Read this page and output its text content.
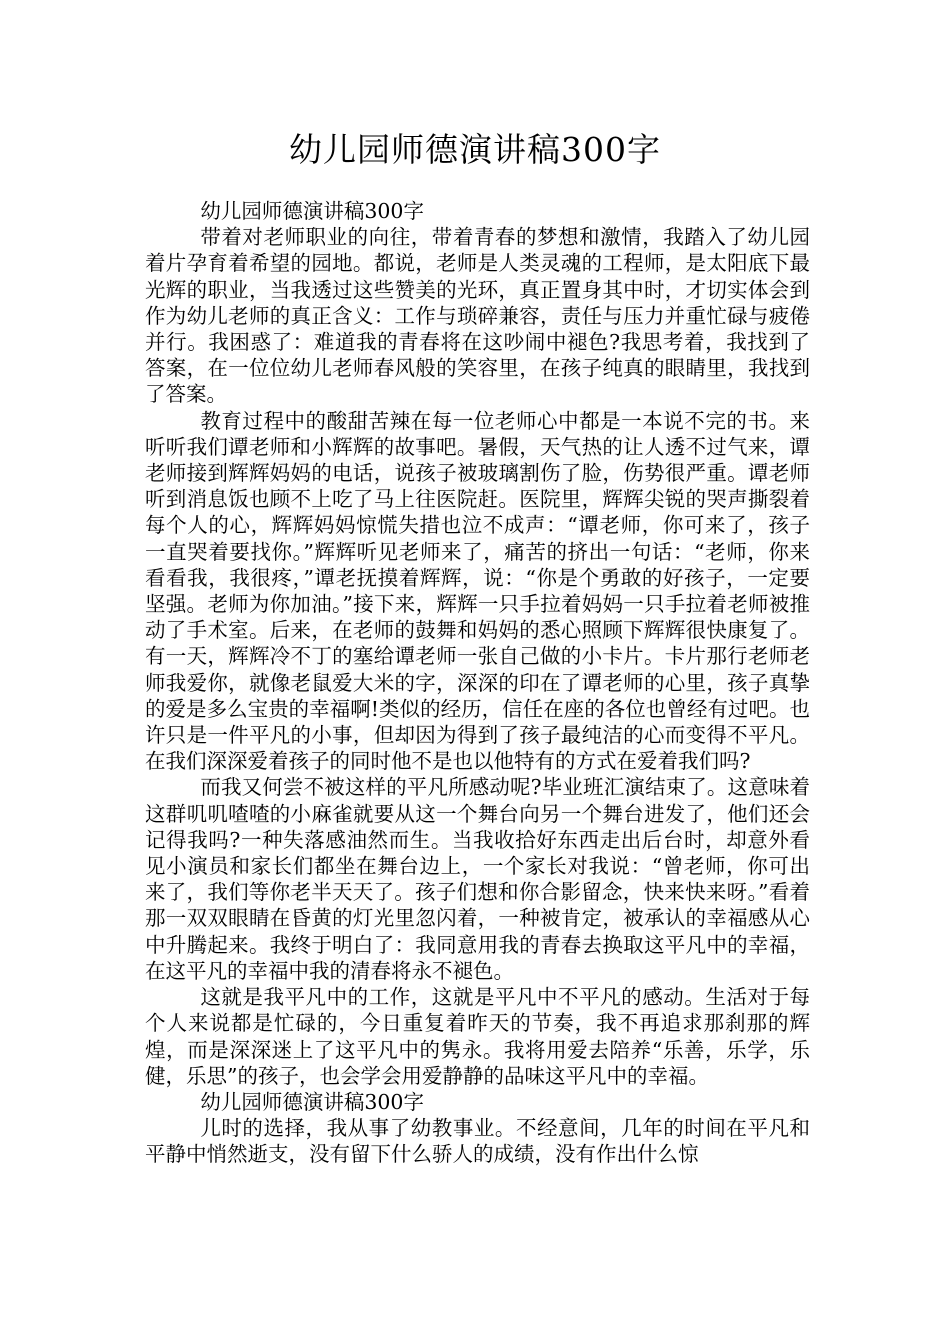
幼儿园师德演讲稿300字

幼儿园师德演讲稿300字

带着对老师职业的向往，带着青春的梦想和激情，我踏入了幼儿园着片孕育着希望的园地。都说，老师是人类灵魂的工程师，是太阳底下最光辉的职业，当我透过这些赞美的光环，真正置身其中时，才切实体会到作为幼儿老师的真正含义：工作与琐碎兼容，责任与压力并重忙碌与疲倦并行。我困惑了：难道我的青春将在这吵闹中褪色?我思考着，我找到了答案，在一位位幼儿老师春风般的笑容里，在孩子纯真的眼睛里，我找到了答案。

教育过程中的酸甜苦辣在每一位老师心中都是一本说不完的书。来听听我们谭老师和小辉辉的故事吧。暑假，天气热的让人透不过气来，谭老师接到辉辉妈妈的电话，说孩子被玻璃割伤了脸，伤势很严重。谭老师听到消息饭也顾不上吃了马上往医院赶。医院里，辉辉尖锐的哭声撕裂着每个人的心，辉辉妈妈惊慌失措也泣不成声：“谭老师，你可来了，孩子一直哭着要找你。”辉辉听见老师来了，痛苦的挤出一句话：“老师，你来看看我，我很疼，”谭老抚摸着辉辉，说：“你是个勇敢的好孩子，一定要坚强。老师为你加油。”接下来，辉辉一只手拉着妈妈一只手拉着老师被推动了手术室。后来，在老师的鼓舞和妈妈的悉心照顾下辉辉很快康复了。有一天，辉辉冷不丁的塞给谭老师一张自己做的小卡片。卡片那行老师老师我爱你，就像老鼠爱大米的字，深深的印在了谭老师的心里，孩子真挚的爱是多么宝贵的幸福啊!类似的经历，信任在座的各位也曾经有过吧。也许只是一件平凡的小事，但却因为得到了孩子最纯洁的心而变得不平凡。在我们深深爱着孩子的同时他不是也以他特有的方式在爱着我们吗?

而我又何尝不被这样的平凡所感动呢?毕业班汇演结束了。这意味着这群叽叽喳喳的小麻雀就要从这一个舞台向另一个舞台进发了，他们还会记得我吗?一种失落感油然而生。当我收拾好东西走出后台时，却意外看见小演员和家长们都坐在舞台边上，一个家长对我说：“曾老师，你可出来了，我们等你老半天天了。孩子们想和你合影留念，快来快来呀。”看着那一双双眼睛在昏黄的灯光里忽闪着，一种被肯定，被承认的幸福感从心中升腾起来。我终于明白了：我同意用我的青春去换取这平凡中的幸福，在这平凡的幸福中我的清春将永不褪色。

这就是我平凡中的工作，这就是平凡中不平凡的感动。生活对于每个人来说都是忙碌的，今日重复着昨天的节奏，我不再追求那刹那的辉煌，而是深深迷上了这平凡中的隽永。我将用爱去陪养“乐善，乐学，乐健，乐思”的孩子，也会学会用爱静静的品味这平凡中的幸福。

幼儿园师德演讲稿300字

儿时的选择，我从事了幼教事业。不经意间，几年的时间在平凡和平静中悄然逝支，没有留下什么骄人的成绩，没有作出什么惊
